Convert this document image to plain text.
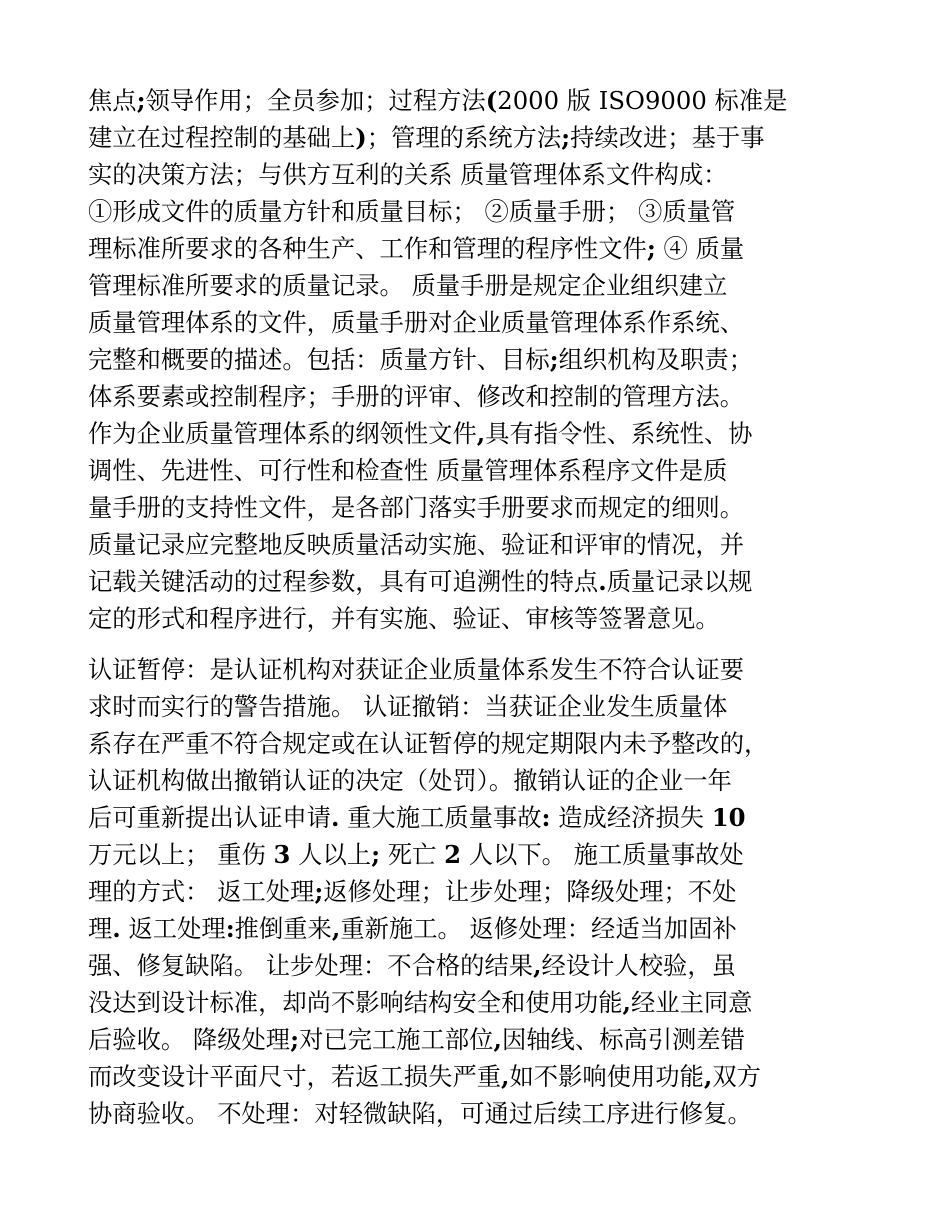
焦点;领导作用；全员参加；过程方法(2000 版 ISO9000 标准是
建立在过程控制的基础上)；管理的系统方法;持续改进；基于事
实的决策方法；与供方互利的关系 质量管理体系文件构成：
①形成文件的质量方针和质量目标； ②质量手册； ③质量管
理标准所要求的各种生产、工作和管理的程序性文件; ④ 质量
管理标准所要求的质量记录。 质量手册是规定企业组织建立
质量管理体系的文件，质量手册对企业质量管理体系作系统、
完整和概要的描述。包括：质量方针、目标;组织机构及职责；
体系要素或控制程序；手册的评审、修改和控制的管理方法。
作为企业质量管理体系的纲领性文件,具有指令性、系统性、协
调性、先进性、可行性和检查性 质量管理体系程序文件是质
量手册的支持性文件，是各部门落实手册要求而规定的细则。
质量记录应完整地反映质量活动实施、验证和评审的情况，并
记载关键活动的过程参数，具有可追溯性的特点.质量记录以规
定的形式和程序进行，并有实施、验证、审核等签署意见。

认证暂停：是认证机构对获证企业质量体系发生不符合认证要
求时而实行的警告措施。 认证撤销：当获证企业发生质量体
系存在严重不符合规定或在认证暂停的规定期限内未予整改的，
认证机构做出撤销认证的决定（处罚）。撤销认证的企业一年
后可重新提出认证申请. 重大施工质量事故: 造成经济损失 10
万元以上； 重伤 3 人以上; 死亡 2 人以下。 施工质量事故处
理的方式： 返工处理;返修处理；让步处理；降级处理；不处
理. 返工处理:推倒重来,重新施工。 返修处理：经适当加固补
强、修复缺陷。 让步处理：不合格的结果,经设计人校验，虽
没达到设计标准，却尚不影响结构安全和使用功能,经业主同意
后验收。 降级处理;对已完工施工部位,因轴线、标高引测差错
而改变设计平面尺寸，若返工损失严重,如不影响使用功能,双方
协商验收。 不处理：对轻微缺陷，可通过后续工序进行修复。
